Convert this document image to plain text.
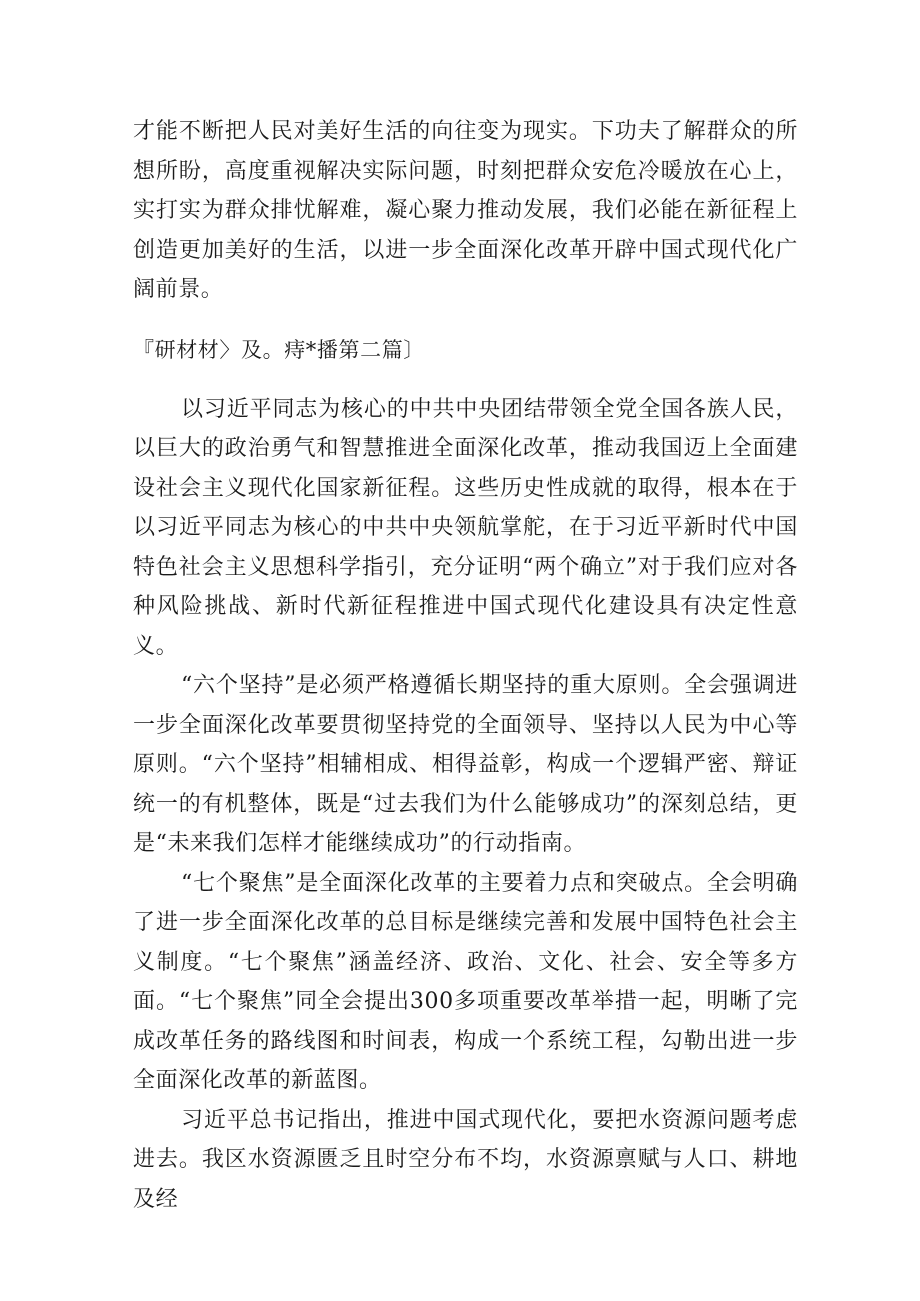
才能不断把人民对美好生活的向往变为现实。下功夫了解群众的所想所盼，高度重视解决实际问题，时刻把群众安危冷暖放在心上，实打实为群众排忧解难，凝心聚力推动发展，我们必能在新征程上创造更加美好的生活，以进一步全面深化改革开辟中国式现代化广阔前景。

『研材材〉及。痔*播第二篇〕

以习近平同志为核心的中共中央团结带领全党全国各族人民，以巨大的政治勇气和智慧推进全面深化改革，推动我国迈上全面建设社会主义现代化国家新征程。这些历史性成就的取得，根本在于以习近平同志为核心的中共中央领航掌舵，在于习近平新时代中国特色社会主义思想科学指引，充分证明“两个确立”对于我们应对各种风险挑战、新时代新征程推进中国式现代化建设具有决定性意义。

“六个坚持”是必须严格遵循长期坚持的重大原则。全会强调进一步全面深化改革要贯彻坚持党的全面领导、坚持以人民为中心等原则。“六个坚持”相辅相成、相得益彰，构成一个逻辑严密、辩证统一的有机整体，既是“过去我们为什么能够成功”的深刻总结，更是“未来我们怎样才能继续成功”的行动指南。

“七个聚焦”是全面深化改革的主要着力点和突破点。全会明确了进一步全面深化改革的总目标是继续完善和发展中国特色社会主义制度。“七个聚焦”涵盖经济、政治、文化、社会、安全等多方面。“七个聚焦”同全会提出300多项重要改革举措一起，明晰了完成改革任务的路线图和时间表，构成一个系统工程，勾勒出进一步全面深化改革的新蓝图。

习近平总书记指出，推进中国式现代化，要把水资源问题考虑进去。我区水资源匮乏且时空分布不均，水资源禀赋与人口、耕地及经
